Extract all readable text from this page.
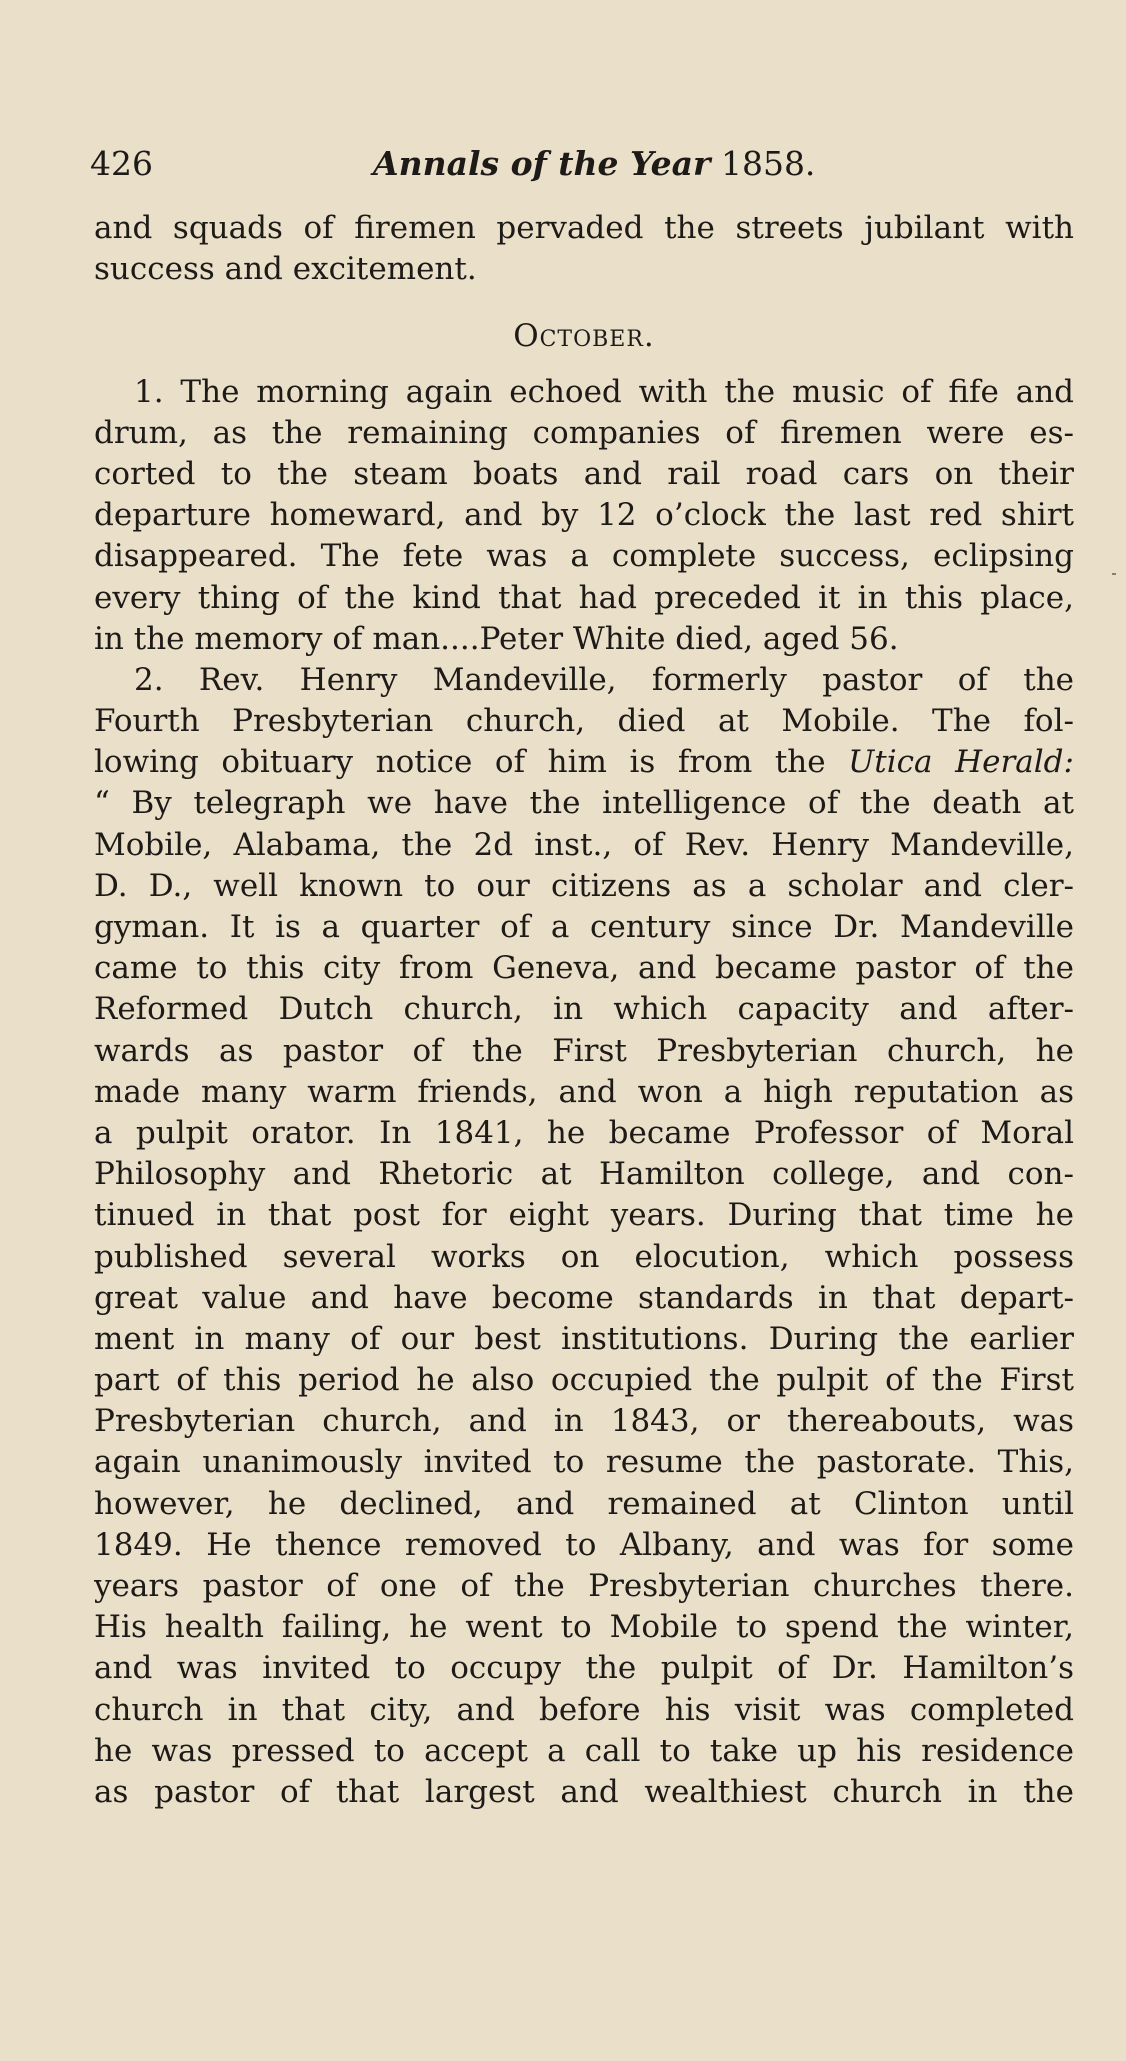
426	Annals of the Year 1858.
and squads of firemen pervaded the streets jubilant with
success and excitement.
October.
1. The morning again echoed with the music of fife and
drum, as the remaining companies of firemen were es-
corted to the steam boats and rail road cars on their
departure homeward, and by 12 o’clock the last red shirt
disappeared. The fete was a complete success, eclipsing
every thing of the kind that had preceded it in this place,
in the memory of man....Peter White died, aged 56.
2. Rev. Henry Mandeville, formerly pastor of the
Fourth Presbyterian church, died at Mobile. The fol-
lowing obituary notice of him is from the Utica Herald:
“ By telegraph we have the intelligence of the death at
Mobile, Alabama, the 2d inst., of Rev. Henry Mandeville,
D. D., well known to our citizens as a scholar and cler-
gyman. It is a quarter of a century since Dr. Mandeville
came to this city from Geneva, and became pastor of the
Reformed Dutch church, in which capacity and after-
wards as pastor of the First Presbyterian church, he
made many warm friends, and won a high reputation as
a pulpit orator. In 1841, he became Professor of Moral
Philosophy and Rhetoric at Hamilton college, and con-
tinued in that post for eight years. During that time he
published several works on elocution, which possess
great value and have become standards in that depart-
ment in many of our best institutions. During the earlier
part of this period he also occupied the pulpit of the First
Presbyterian church, and in 1843, or thereabouts, was
again unanimously invited to resume the pastorate. This,
however, he declined, and remained at Clinton until
1849. He thence removed to Albany, and was for some
years pastor of one of the Presbyterian churches there.
His health failing, he went to Mobile to spend the winter,
and was invited to occupy the pulpit of Dr. Hamilton’s
church in that city, and before his visit was completed
he was pressed to accept a call to take up his residence
as pastor of that largest and wealthiest church in the
